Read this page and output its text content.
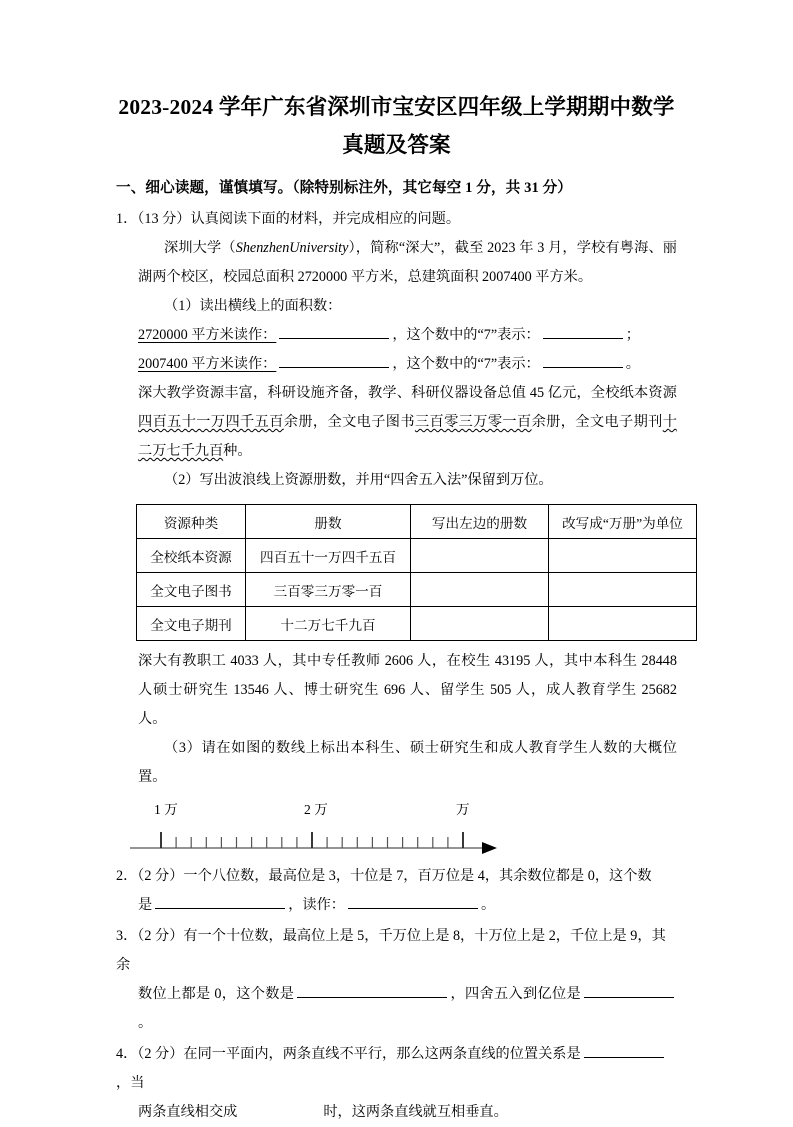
2023-2024 学年广东省深圳市宝安区四年级上学期期中数学
真题及答案
一、细心读题，谨慎填写。（除特别标注外，其它每空 1 分，共 31 分）
1．（13 分）认真阅读下面的材料，并完成相应的问题。
深圳大学（ShenzhenUniversity），简称“深大”，截至 2023 年 3 月，学校有粤海、丽湖两个校区，校园总面积 2720000 平方米，总建筑面积 2007400 平方米。
（1）读出横线上的面积数：
2720000 平方米读作：	，这个数中的“7”表示：	；
2007400 平方米读作：	，这个数中的“7”表示：	。
深大教学资源丰富，科研设施齐备，教学、科研仪器设备总值 45 亿元，全校纸本资源四百五十一万四千五百余册，全文电子图书三百零三万零一百余册，全文电子期刊十二万七千九百种。
（2）写出波浪线上资源册数，并用“四舍五入法”保留到万位。
资源种类	册数	写出左边的册数	改写成“万册”为单位
全校纸本资源	四百五十一万四千五百		
全文电子图书	三百零三万零一百		
全文电子期刊	十二万七千九百		
深大有教职工 4033 人，其中专任教师 2606 人，在校生 43195 人，其中本科生 28448 人硕士研究生 13546 人、博士研究生 696 人、留学生 505 人，成人教育学生 25682 人。
（3）请在如图的数线上标出本科生、硕士研究生和成人教育学生人数的大概位置。
1 万	2 万	万
2．（2 分）一个八位数，最高位是 3，十位是 7，百万位是 4，其余数位都是 0，这个数
是	，读作：	。
3．（2 分）有一个十位数，最高位上是 5，千万位上是 8，十万位上是 2，千位上是 9，其余
数位上都是 0，这个数是	，四舍五入到亿位是。
4．（2 分）在同一平面内，两条直线不平行，那么这两条直线的位置关系是，当
两条直线相交成	时，这两条直线就互相垂直。
